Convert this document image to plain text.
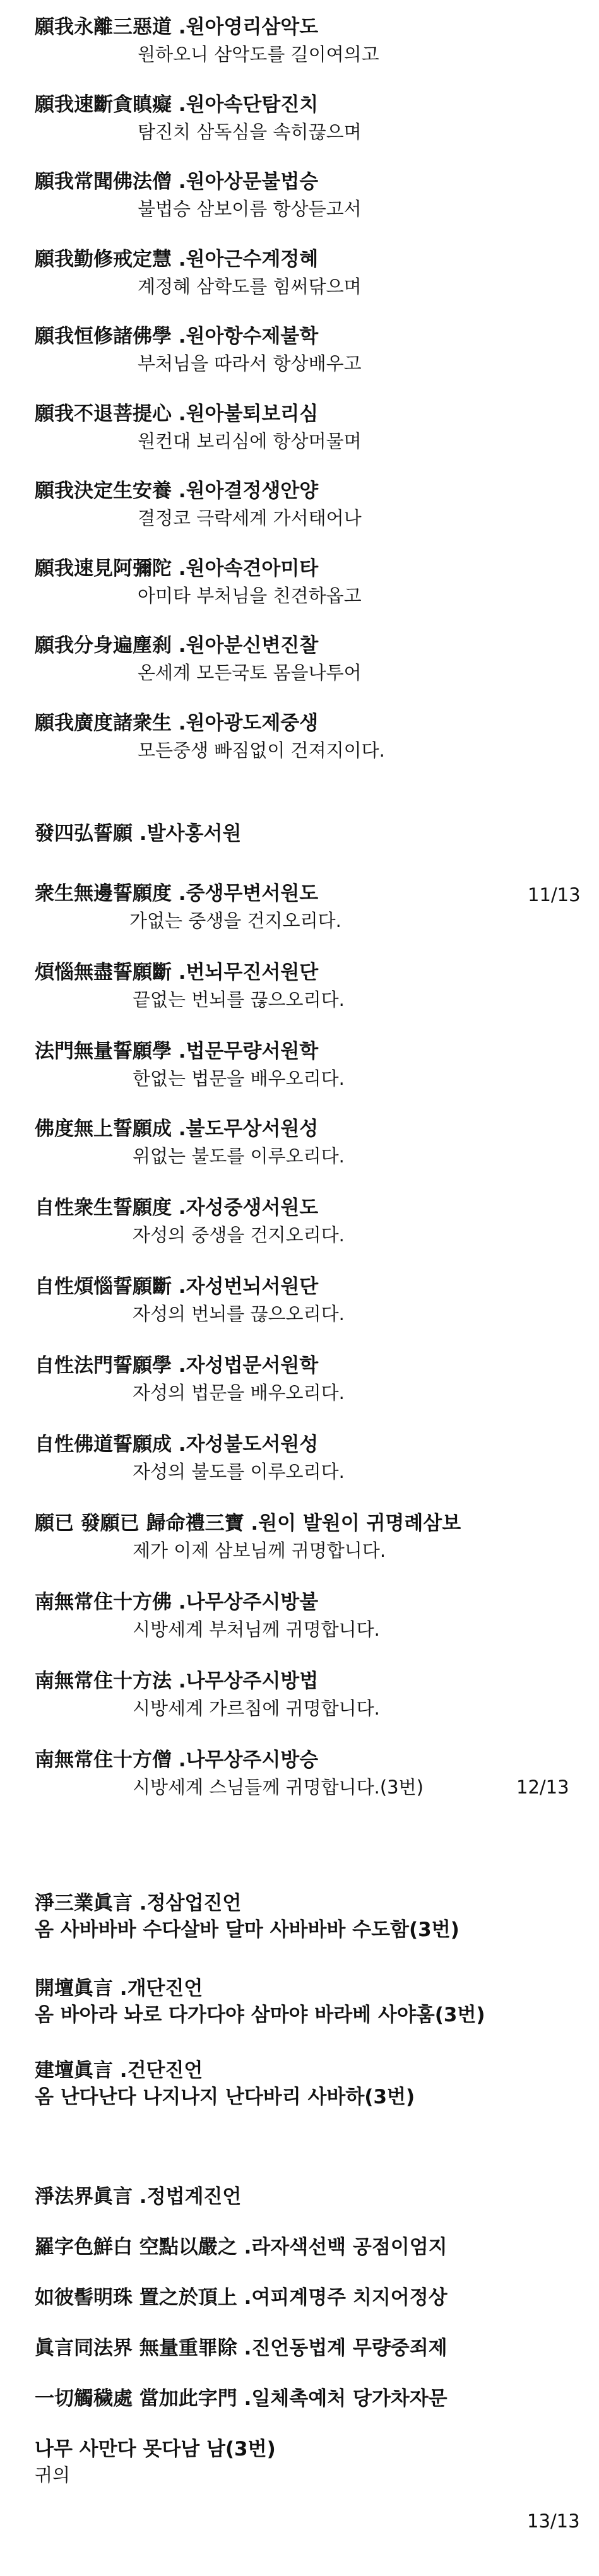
願我永離三惡道 .원아영리삼악도
원하오니 삼악도를 길이여의고
願我速斷貪瞋癡 .원아속단탐진치
탐진치 삼독심을 속히끊으며
願我常聞佛法僧 .원아상문불법승
불법승 삼보이름 항상듣고서
願我勤修戒定慧 .원아근수계정혜
계정혜 삼학도를 힘써닦으며
願我恒修諸佛學 .원아항수제불학
부처님을 따라서 항상배우고
願我不退菩提心 .원아불퇴보리심
원컨대 보리심에 항상머물며
願我決定生安養 .원아결정생안양
결정코 극락세계 가서태어나
願我速見阿彌陀 .원아속견아미타
아미타 부처님을 친견하옵고
願我分身遍塵刹 .원아분신변진찰
온세계 모든국토 몸을나투어
願我廣度諸衆生 .원아광도제중생
모든중생 빠짐없이 건져지이다.
發四弘誓願 .발사홍서원
衆生無邊誓願度 .중생무변서원도
가없는 중생을 건지오리다.
11/13
煩惱無盡誓願斷 .번뇌무진서원단
끝없는 번뇌를 끊으오리다.
法門無量誓願學 .법문무량서원학
한없는 법문을 배우오리다.
佛度無上誓願成 .불도무상서원성
위없는 불도를 이루오리다.
自性衆生誓願度 .자성중생서원도
자성의 중생을 건지오리다.
自性煩惱誓願斷 .자성번뇌서원단
자성의 번뇌를 끊으오리다.
自性法門誓願學 .자성법문서원학
자성의 법문을 배우오리다.
自性佛道誓願成 .자성불도서원성
자성의 불도를 이루오리다.
願已 發願已 歸命禮三寶 .원이 발원이 귀명례삼보
제가 이제 삼보님께 귀명합니다.
南無常住十方佛 .나무상주시방불
시방세계 부처님께 귀명합니다.
南無常住十方法 .나무상주시방법
시방세계 가르침에 귀명합니다.
南無常住十方僧 .나무상주시방승
시방세계 스님들께 귀명합니다.(3번)	12/13
淨三業眞言 .정삼업진언
옴 사바바바 수다살바 달마 사바바바 수도함(3번)
開壇眞言 .개단진언
옴 바아라 놔로 다가다야 삼마야 바라베 사야훔(3번)
建壇眞言 .건단진언
옴 난다난다 나지나지 난다바리 사바하(3번)
淨法界眞言 .정법계진언
羅字色鮮白 空點以嚴之 .라자색선백 공점이엄지
如彼髻明珠 置之於頂上 .여피계명주 치지어정상
眞言同法界 無量重罪除 .진언동법계 무량중죄제
一切觸穢處 當加此字門 .일체촉예처 당가차자문
나무 사만다 못다남 남(3번)
귀의
13/13
